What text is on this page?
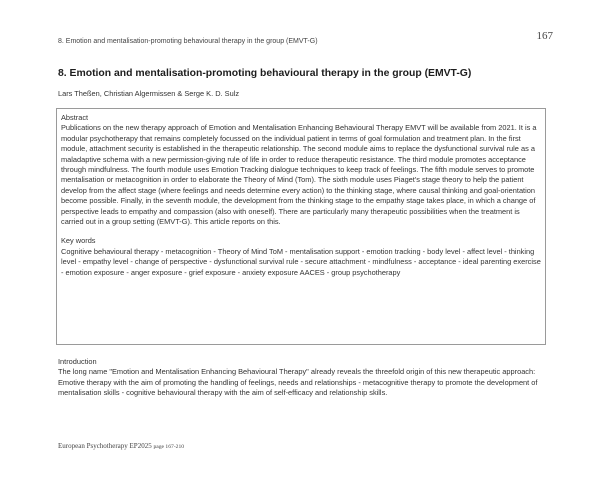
167
8. Emotion and mentalisation-promoting behavioural therapy in the group (EMVT-G)
8. Emotion and mentalisation-promoting behavioural therapy in the group (EMVT-G)
Lars Theßen, Christian Algermissen & Serge K. D. Sulz

Abstract

Publications on the new therapy approach of Emotion and Mentalisation Enhancing Behavioural Therapy EMVT will be available from 2021. It is a modular psychotherapy that remains completely focussed on the individual patient in terms of goal formulation and treatment plan. In the first module, attachment security is established in the therapeutic relationship. The second module aims to replace the dysfunctional survival rule as a maladaptive schema with a new permission-giving rule of life in order to reduce therapeutic resistance. The third module promotes acceptance through mindfulness. The fourth module uses Emotion Tracking dialogue techniques to keep track of feelings. The fifth module serves to promote mentalisation or metacognition in order to elaborate the Theory of Mind (Tom). The sixth module uses Piaget's stage theory to help the patient develop from the affect stage (where feelings and needs determine every action) to the thinking stage, where causal thinking and goal-orientation become possible. Finally, in the seventh module, the development from the thinking stage to the empathy stage takes place, in which a change of perspective leads to empathy and compassion (also with oneself). There are particularly many therapeutic possibilities when the treatment is carried out in a group setting (EMVT-G). This article reports on this.

Key words

Cognitive behavioural therapy - metacognition - Theory of Mind ToM - mentalisation support - emotion tracking - body level - affect level - thinking level - empathy level - change of perspective - dysfunctional survival rule - secure attachment - mindfulness - acceptance - ideal parenting exercise - emotion exposure - anger exposure - grief exposure - anxiety exposure AACES - group psychotherapy

Introduction

The long name "Emotion and Mentalisation Enhancing Behavioural Therapy" already reveals the threefold origin of this new therapeutic approach: Emotive therapy with the aim of promoting the handling of feelings, needs and relationships - metacognitive therapy to promote the development of mentalisation skills - cognitive behavioural therapy with the aim of self-efficacy and relationship skills.

European Psychotherapy EP2025 page 167-210
